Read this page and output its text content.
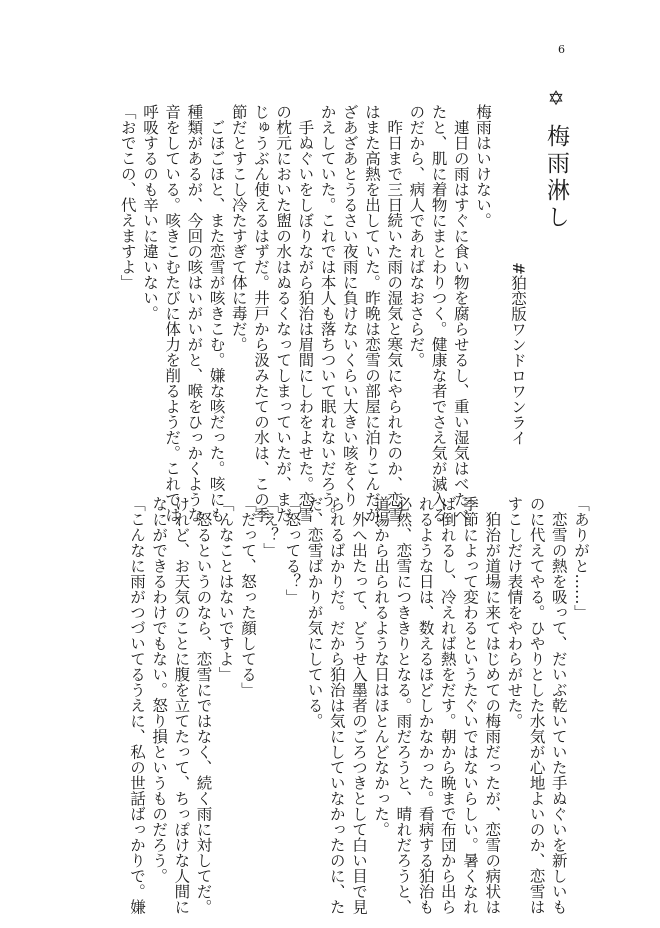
6
✡梅雨淋し
#狛恋版ワンドロワンライ
梅雨はいけない。
　連日の雨はすぐに食い物を腐らせるし、重い湿気はべたべ
たと、肌に着物にまとわりつく。健康な者でさえ気が滅入る
のだから、病人であればなおさらだ。
　昨日まで三日続いた雨の湿気と寒気にやられたのか、恋雪
はまた高熱を出していた。昨晩は恋雪の部屋に泊りこんだが、
ざあざあとうるさい夜雨に負けないくらい大きい咳をくり
かえしていた。これでは本人も落ちついて眠れないだろう。
　手ぬぐいをしぼりながら狛治は眉間にしわをよせた。恋雪
の枕元においた盥の水はぬるくなってしまっていたが、まだ
じゅうぶん使えるはずだ。井戸から汲みたての水は、この季
節だとすこし冷たすぎて体に毒だ。
　ごほごほと、また恋雪が咳きこむ。嫌な咳だった。咳にも
種類があるが、今回の咳はいがいがと、喉をひっかくような
音をしている。咳きこむたびに体力を削るようだ。これでは
呼吸するのも辛いに違いない。
「おでこの、代えますよ」
「ありがと……」
　恋雪の熱を吸って、だいぶ乾いていた手ぬぐいを新しいも
のに代えてやる。ひやりとした水気が心地よいのか、恋雪は
すこしだけ表情をやわらがせた。
　狛治が道場に来てはじめての梅雨だったが、恋雪の病状は
季節によって変わるというたぐいではないらしい。暑くなれ
ば倒れるし、冷えれば熱をだす。朝から晩まで布団から出ら
れるような日は、数えるほどしかなかった。看病する狛治も
必然、恋雪につききりとなる。雨だろうと、晴れだろうと、
道場から出られるような日はほとんどなかった。
　外へ出たって、どうせ入墨者のごろつきとして白い目で見
られるばかりだ。だから狛治は気にしていなかったのに、た
だ、恋雪ばかりが気にしている。
「怒ってる？」
「え？」
「だって、怒った顔してる」
「んなことはないですよ」
　怒るというのなら、恋雪にではなく、続く雨に対してだ。
けれど、お天気のことに腹を立てたって、ちっぽけな人間に
なにができるわけでもない。怒り損というものだろう。
「こんなに雨がつづいてるうえに、私の世話ばっかりで。嫌
